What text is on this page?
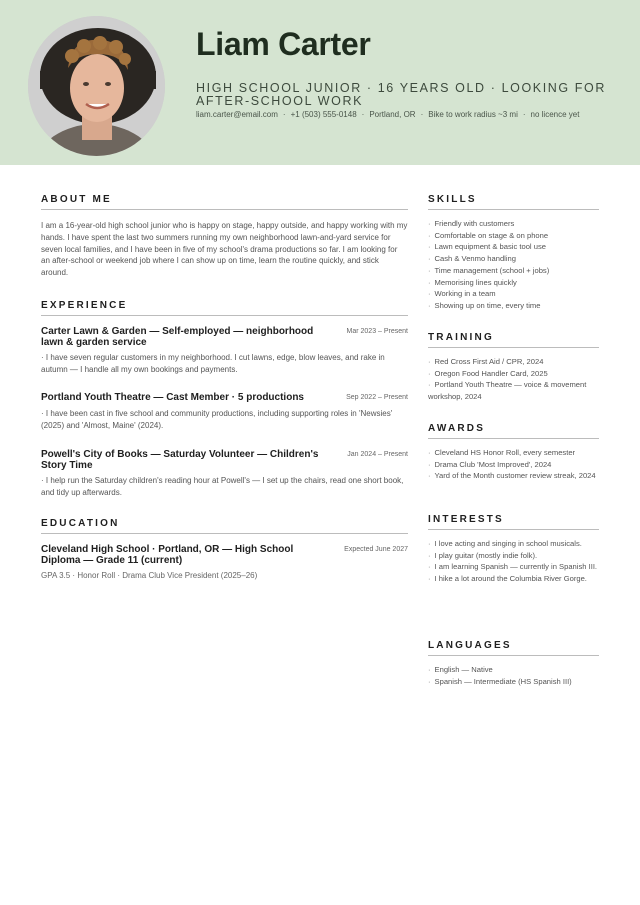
Liam Carter
HIGH SCHOOL JUNIOR · 16 YEARS OLD · LOOKING FOR AFTER-SCHOOL WORK
liam.carter@email.com · +1 (503) 555-0148 · Portland, OR · Bike to work radius ~3 mi · no licence yet
ABOUT ME
I am a 16-year-old high school junior who is happy on stage, happy outside, and happy working with my hands. I have spent the last two summers running my own neighborhood lawn-and-yard service for seven local families, and I have been in five of my school's drama productions so far. I am looking for an after-school or weekend job where I can show up on time, learn the routine quickly, and stick around.
EXPERIENCE
Carter Lawn & Garden — Self-employed — neighborhood lawn & garden service
Mar 2023 – Present
· I have seven regular customers in my neighborhood. I cut lawns, edge, blow leaves, and rake in autumn — I handle all my own bookings and payments.
Portland Youth Theatre — Cast Member · 5 productions	Sep 2022 – Present
· I have been cast in five school and community productions, including supporting roles in 'Newsies' (2025) and 'Almost, Maine' (2024).
Powell's City of Books — Saturday Volunteer — Children's Story Time
Jan 2024 – Present
· I help run the Saturday children's reading hour at Powell's — I set up the chairs, read one short book, and tidy up afterwards.
EDUCATION
Cleveland High School · Portland, OR — High School Diploma — Grade 11 (current)
Expected June 2027
GPA 3.5 · Honor Roll · Drama Club Vice President (2025–26)
SKILLS
· Friendly with customers
· Comfortable on stage & on phone
· Lawn equipment & basic tool use
· Cash & Venmo handling
· Time management (school + jobs)
· Memorising lines quickly
· Working in a team
· Showing up on time, every time
TRAINING
· Red Cross First Aid / CPR, 2024
· Oregon Food Handler Card, 2025
· Portland Youth Theatre — voice & movement workshop, 2024
AWARDS
· Cleveland HS Honor Roll, every semester
· Drama Club 'Most Improved', 2024
· Yard of the Month customer review streak, 2024
INTERESTS
· I love acting and singing in school musicals.
· I play guitar (mostly indie folk).
· I am learning Spanish — currently in Spanish III.
· I hike a lot around the Columbia River Gorge.
LANGUAGES
· English — Native
· Spanish — Intermediate (HS Spanish III)
